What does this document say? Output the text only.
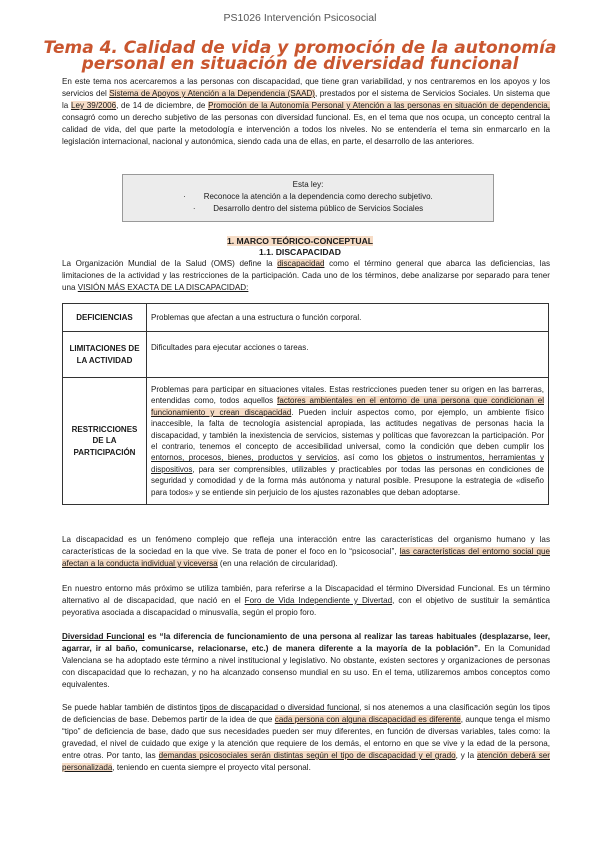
PS1026 Intervención Psicosocial
Tema 4. Calidad de vida y promoción de la autonomía
personal en situación de diversidad funcional
En este tema nos acercaremos a las personas con discapacidad, que tiene gran variabilidad, y nos centraremos en los apoyos y los servicios del Sistema de Apoyos y Atención a la Dependencia (SAAD), prestados por el sistema de Servicios Sociales. Un sistema que la Ley 39/2006, de 14 de diciembre, de Promoción de la Autonomía Personal y Atención a las personas en situación de dependencia, consagró como un derecho subjetivo de las personas con diversidad funcional. Es, en el tema que nos ocupa, un concepto central la calidad de vida, del que parte la metodología e intervención a todos los niveles. No se entendería el tema sin enmarcarlo en la legislación internacional, nacional y autonómica, siendo cada una de ellas, en parte, el desarrollo de las anteriores.
Esta ley:
·        Reconoce la atención a la dependencia como derecho subjetivo.
·        Desarrollo dentro del sistema público de Servicios Sociales
1. MARCO TEÓRICO-CONCEPTUAL
1.1. DISCAPACIDAD
La Organización Mundial de la Salud (OMS) define la discapacidad como el término general que abarca las deficiencias, las limitaciones de la actividad y las restricciones de la participación. Cada uno de los términos, debe analizarse por separado para tener una VISIÓN MÁS EXACTA DE LA DISCAPACIDAD:
DEFICIENCIAS	Problemas que afectan a una estructura o función corporal.
LIMITACIONES DE LA ACTIVIDAD	Dificultades para ejecutar acciones o tareas.
RESTRICCIONES DE LA PARTICIPACIÓN	Problemas para participar en situaciones vitales. Estas restricciones pueden tener su origen en las barreras, entendidas como, todos aquellos factores ambientales en el entorno de una persona que condicionan el funcionamiento y crean discapacidad. Pueden incluir aspectos como, por ejemplo, un ambiente físico inaccesible, la falta de tecnología asistencial apropiada, las actitudes negativas de personas hacia la discapacidad, y también la inexistencia de servicios, sistemas y políticas que favorezcan la participación. Por el contrario, tenemos el concepto de accesibilidad universal, como la condición que deben cumplir los entornos, procesos, bienes, productos y servicios, así como los objetos o instrumentos, herramientas y dispositivos, para ser comprensibles, utilizables y practicables por todas las personas en condiciones de seguridad y comodidad y de la forma más autónoma y natural posible. Presupone la estrategia de «diseño para todos» y se entiende sin perjuicio de los ajustes razonables que deban adoptarse.
La discapacidad es un fenómeno complejo que refleja una interacción entre las características del organismo humano y las características de la sociedad en la que vive. Se trata de poner el foco en lo “psicosocial”, las características del entorno social que afectan a la conducta individual y viceversa (en una relación de circularidad).
En nuestro entorno más próximo se utiliza también, para referirse a la Discapacidad el término Diversidad Funcional. Es un término alternativo al de discapacidad, que nació en el Foro de Vida Independiente y Divertad, con el objetivo de sustituir la semántica peyorativa asociada a discapacidad o minusvalía, según el propio foro.
Diversidad Funcional es “la diferencia de funcionamiento de una persona al realizar las tareas habituales (desplazarse, leer, agarrar, ir al baño, comunicarse, relacionarse, etc.) de manera diferente a la mayoría de la población”. En la Comunidad Valenciana se ha adoptado este término a nivel institucional y legislativo. No obstante, existen sectores y organizaciones de personas con discapacidad que lo rechazan, y no ha alcanzado consenso mundial en su uso. En el tema, utilizaremos ambos conceptos como equivalentes.
Se puede hablar también de distintos tipos de discapacidad o diversidad funcional, si nos atenemos a una clasificación según los tipos de deficiencias de base. Debemos partir de la idea de que cada persona con alguna discapacidad es diferente, aunque tenga el mismo “tipo” de deficiencia de base, dado que sus necesidades pueden ser muy diferentes, en función de diversas variables, tales como: la gravedad, el nivel de cuidado que exige y la atención que requiere de los demás, el entorno en que se vive y la edad de la persona, entre otras. Por tanto, las demandas psicosociales serán distintas según el tipo de discapacidad y el grado, y la atención deberá ser personalizada, teniendo en cuenta siempre el proyecto vital personal.
